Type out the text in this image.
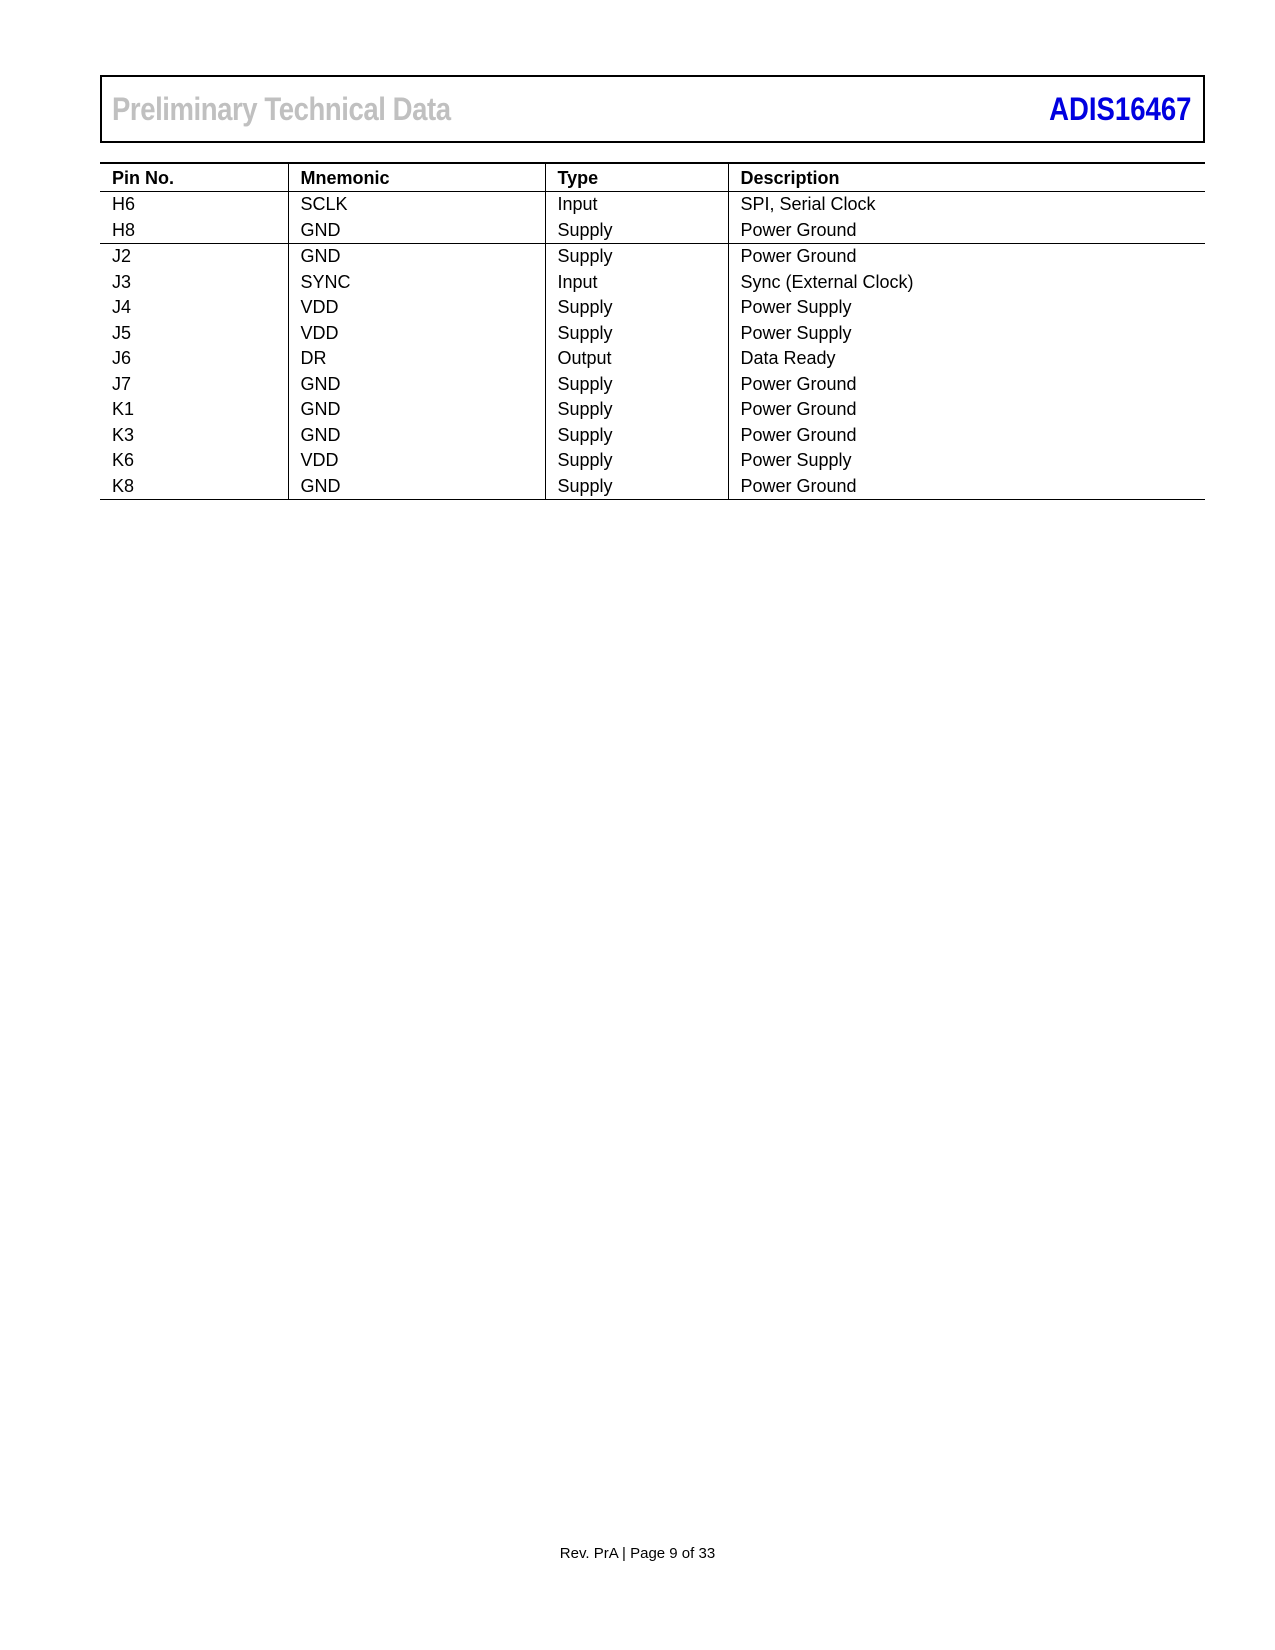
Preliminary Technical Data	ADIS16467
Pin No.	Mnemonic	Type	Description
H6	SCLK	Input	SPI, Serial Clock
H8	GND	Supply	Power Ground
J2	GND	Supply	Power Ground
J3	SYNC	Input	Sync (External Clock)
J4	VDD	Supply	Power Supply
J5	VDD	Supply	Power Supply
J6	DR	Output	Data Ready
J7	GND	Supply	Power Ground
K1	GND	Supply	Power Ground
K3	GND	Supply	Power Ground
K6	VDD	Supply	Power Supply
K8	GND	Supply	Power Ground
Rev. PrA | Page 9 of 33
